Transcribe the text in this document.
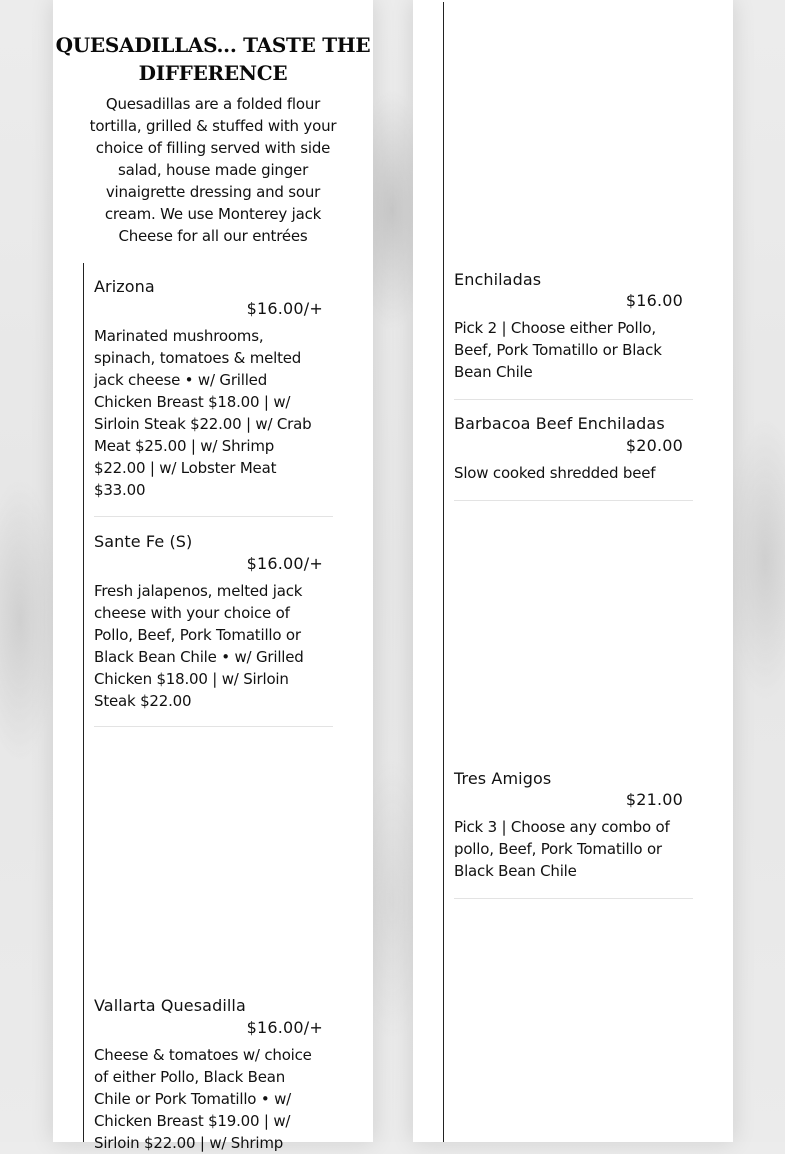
QUESADILLAS... TASTE THE DIFFERENCE

Quesadillas are a folded flour tortilla, grilled & stuffed with your choice of filling served with side salad, house made ginger vinaigrette dressing and sour cream. We use Monterey jack Cheese for all our entrées

Arizona
$16.00/+
Marinated mushrooms, spinach, tomatoes & melted jack cheese • w/ Grilled Chicken Breast $18.00 | w/ Sirloin Steak $22.00 | w/ Crab Meat $25.00 | w/ Shrimp $22.00 | w/ Lobster Meat $33.00
Sante Fe (S)
$16.00/+
Fresh jalapenos, melted jack cheese with your choice of Pollo, Beef, Pork Tomatillo or Black Bean Chile • w/ Grilled Chicken $18.00 | w/ Sirloin Steak $22.00
Vallarta Quesadilla
$16.00/+
Cheese & tomatoes w/ choice of either Pollo, Black Bean Chile or Pork Tomatillo • w/ Chicken Breast $19.00 | w/ Sirloin $22.00 | w/ Shrimp
Enchiladas
$16.00
Pick 2 | Choose either Pollo, Beef, Pork Tomatillo or Black Bean Chile
Barbacoa Beef Enchiladas
$20.00
Slow cooked shredded beef
Tres Amigos
$21.00
Pick 3 | Choose any combo of pollo, Beef, Pork Tomatillo or Black Bean Chile
